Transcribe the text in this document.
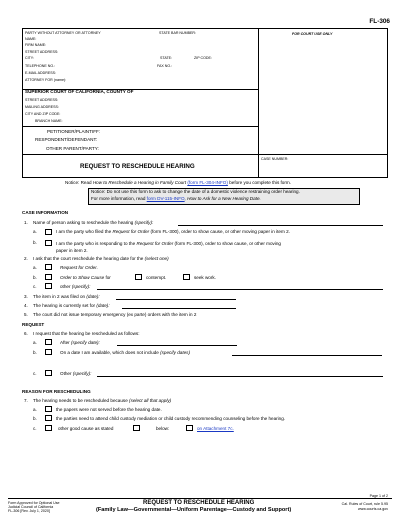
FL-306
PARTY WITHOUT ATTORNEY OR ATTORNEY	STATE BAR NUMBER:	FOR COURT USE ONLY
NAME:
FIRM NAME:
STREET ADDRESS:
CITY:	STATE:	ZIP CODE:
TELEPHONE NO.:	FAX NO.:
E-MAIL ADDRESS:
ATTORNEY FOR (name):
SUPERIOR COURT OF CALIFORNIA, COUNTY OF
STREET ADDRESS:
MAILING ADDRESS:
CITY AND ZIP CODE:
BRANCH NAME:
PETITIONER/PLAINTIFF:
RESPONDENT/DEFENDANT:
OTHER PARENT/PARTY:
REQUEST TO RESCHEDULE HEARING
CASE NUMBER:
Notice: Read How to Reschedule a Hearing in Family Court (form FL-304-INFO) before you complete this form.
Notice: Do not use this form to ask to change the date of a domestic violence restraining order hearing.
For more information, read form DV-115-INFO, How to Ask for a New Hearing Date.
CASE INFORMATION
1. Name of person asking to reschedule the hearing (specify):
a.	I am the party who filed the Request for Order (form FL-300), order to show cause, or other moving paper in item 2.
b.	I am the party who is responding to the Request for Order (form FL-300), order to show cause, or other moving
paper in item 2.
2. I ask that the court reschedule the hearing date for the (select one)
a.	Request for Order.
b.	Order to Show Cause for	contempt.	seek work.
c.	other (specify):
3. The item in 2 was filed on (date):
4. The hearing is currently set for (date):
5. The court did not issue temporary emergency (ex parte) orders with the item in 2
REQUEST
6. I request that the hearing be rescheduled as follows:
a.	After (specify date):
b.	On a date I am available, which does not include (specify dates)
c.	Other (specify):
REASON FOR RESCHEDULING
7. The hearing needs to be rescheduled because (select all that apply)
a.	the papers were not served before the hearing date.
b.	the parties need to attend child custody mediation or child custody recommending counseling before the hearing.
c.	other good cause as stated	below:	on Attachment 7c.
Page 1 of 2
Form Approved for Optional Use
Judicial Council of California
FL-306 [Rev. July 1, 2020]
REQUEST TO RESCHEDULE HEARING
(Family Law—Governmental—Uniform Parentage—Custody and Support)
Cal. Rules of Court, rule 5.95
www.courts.ca.gov
